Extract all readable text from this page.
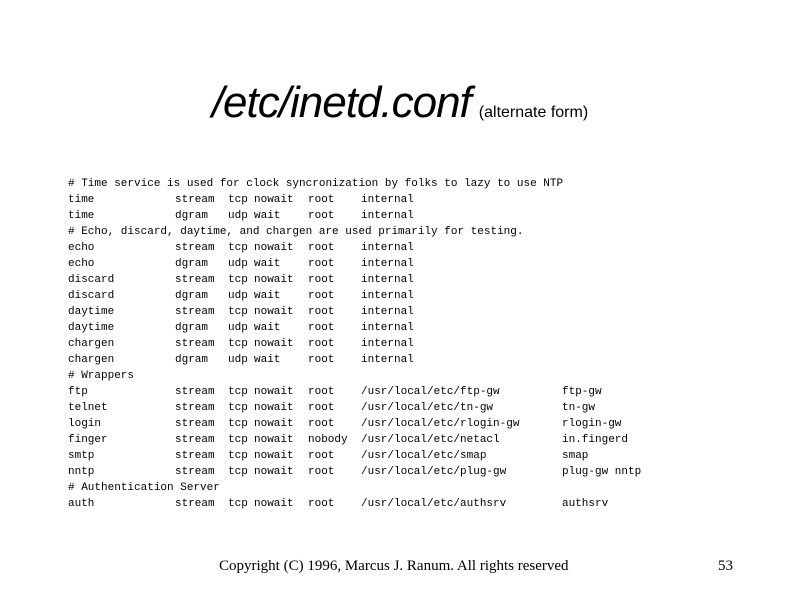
/etc/inetd.conf (alternate form)
# Time service is used for clock syncronization by folks to lazy to use NTP
time	stream tcp nowait root internal
time	dgram udp wait	root internal
# Echo, discard, daytime, and chargen are used primarily for testing.
echo	stream tcp nowait root internal
echo	dgram udp wait	root internal
discard	stream tcp nowait root internal
discard	dgram udp wait	root internal
daytime	stream tcp nowait root internal
daytime	dgram udp wait	root internal
chargen	stream tcp nowait root internal
chargen	dgram udp wait	root internal
# Wrappers
ftp	stream tcp nowait root /usr/local/etc/ftp-gw	ftp-gw
telnet	stream tcp nowait root /usr/local/etc/tn-gw	tn-gw
login	stream tcp nowait root /usr/local/etc/rlogin-gw	rlogin-gw
finger	stream tcp nowait nobody /usr/local/etc/netacl	in.fingerd
smtp	stream tcp nowait root /usr/local/etc/smap	smap
nntp	stream tcp nowait root /usr/local/etc/plug-gw	plug-gw nntp
# Authentication Server
auth	stream tcp nowait root /usr/local/etc/authsrv	authsrv
Copyright (C) 1996, Marcus J. Ranum. All rights reserved	53
